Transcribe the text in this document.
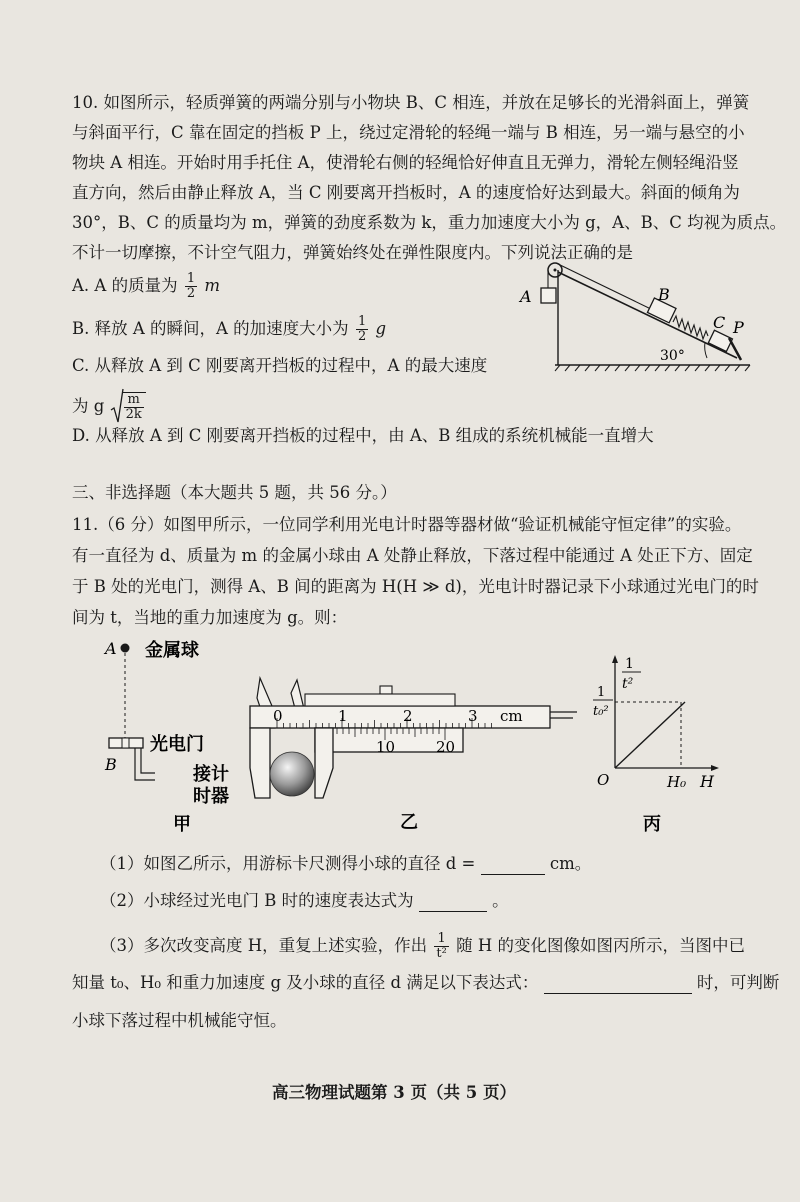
10. 如图所示，轻质弹簧的两端分别与小物块 B、C 相连，并放在足够长的光滑斜面上，弹簧
与斜面平行，C 靠在固定的挡板 P 上，绕过定滑轮的轻绳一端与 B 相连，另一端与悬空的小
物块 A 相连。开始时用手托住 A，使滑轮右侧的轻绳恰好伸直且无弹力，滑轮左侧轻绳沿竖
直方向，然后由静止释放 A，当 C 刚要离开挡板时，A 的速度恰好达到最大。斜面的倾角为
30°，B、C 的质量均为 m，弹簧的劲度系数为 k，重力加速度大小为 g，A、B、C 均视为质点。
不计一切摩擦，不计空气阻力，弹簧始终处在弹性限度内。下列说法正确的是
A. A 的质量为 $\frac{1}{2}$ m
B. 释放 A 的瞬间，A 的加速度大小为 $\frac{1}{2}$ g
C. 从释放 A 到 C 刚要离开挡板的过程中，A 的最大速度
为 g $\frac{m}{2k}$
D. 从释放 A 到 C 刚要离开挡板的过程中，由 A、B 组成的系统机械能一直增大
A	B
C P
30°
三、非选择题（本大题共 5 题，共 56 分。）
11.（6 分）如图甲所示，一位同学利用光电计时器等器材做“验证机械能守恒定律”的实验。
有一直径为 d、质量为 m 的金属小球由 A 处静止释放，下落过程中能通过 A 处正下方、固定
于 B 处的光电门，测得 A、B 间的距离为 H(H ≫ d)，光电计时器记录下小球通过光电门的时
间为 t，当地的重力加速度为 g。则：
A 金属球
光电门
B	接计
时器
甲
0	1	2	3 cm
10	20
乙
1
t²
1
t₀²
O	H₀ H
丙
（1）如图乙所示，用游标卡尺测得小球的直径 d =	cm。
（2）小球经过光电门 B 时的速度表达式为	。
（3）多次改变高度 H，重复上述实验，作出 $\frac{1}{\text{t²}}$ 随 H 的变化图像如图丙所示，当图中已
知量 t₀、H₀ 和重力加速度 g 及小球的直径 d 满足以下表达式：	时，可判断
小球下落过程中机械能守恒。
高三物理试题第 3 页（共 5 页）
